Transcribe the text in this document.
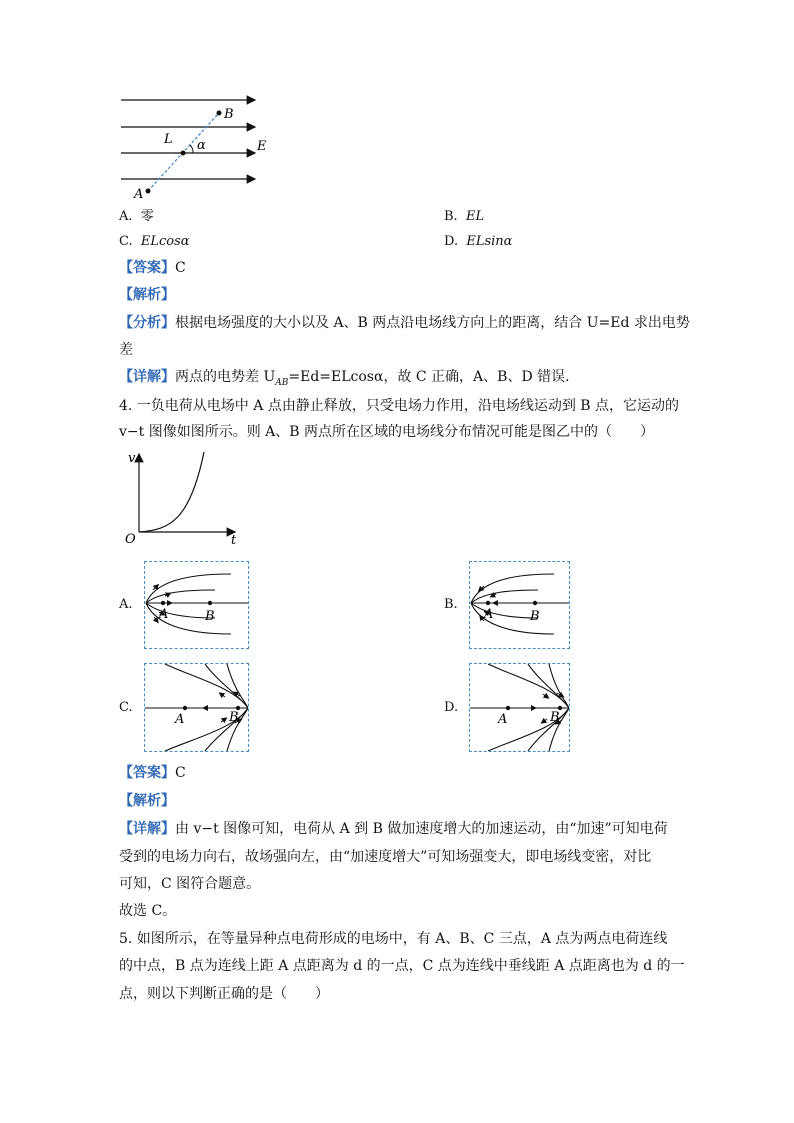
B
L α	E
A
A. 零	B. EL
C. ELcosα	D. ELsinα
【答案】C
【解析】
【分析】根据电场强度的大小以及 A、B 两点沿电场线方向上的距离，结合 U=Ed 求出电势
差
【详解】两点的电势差 $U_{AB}=Ed=ELcos\alpha$，故 C 正确，A、B、D 错误．
4. 一负电荷从电场中 A 点由静止释放，只受电场力作用，沿电场线运动到 B 点，它运动的
v−t 图像如图所示。则 A、B 两点所在区域的电场线分布情况可能是图乙中的（　　）
v
t
O
A.
A	B
B.
A	B
C.
A	B
D.
A	B
【答案】C
【解析】
【详解】由 v−t 图像可知，电荷从 A 到 B 做加速度增大的加速运动，由“加速”可知电荷
受到的电场力向右，故场强向左，由“加速度增大”可知场强变大，即电场线变密，对比
可知，C 图符合题意。
故选 C。
5. 如图所示，在等量异种点电荷形成的电场中，有 A、B、C 三点，A 点为两点电荷连线
的中点，B 点为连线上距 A 点距离为 d 的一点，C 点为连线中垂线距 A 点距离也为 d 的一
点，则以下判断正确的是（　　）
